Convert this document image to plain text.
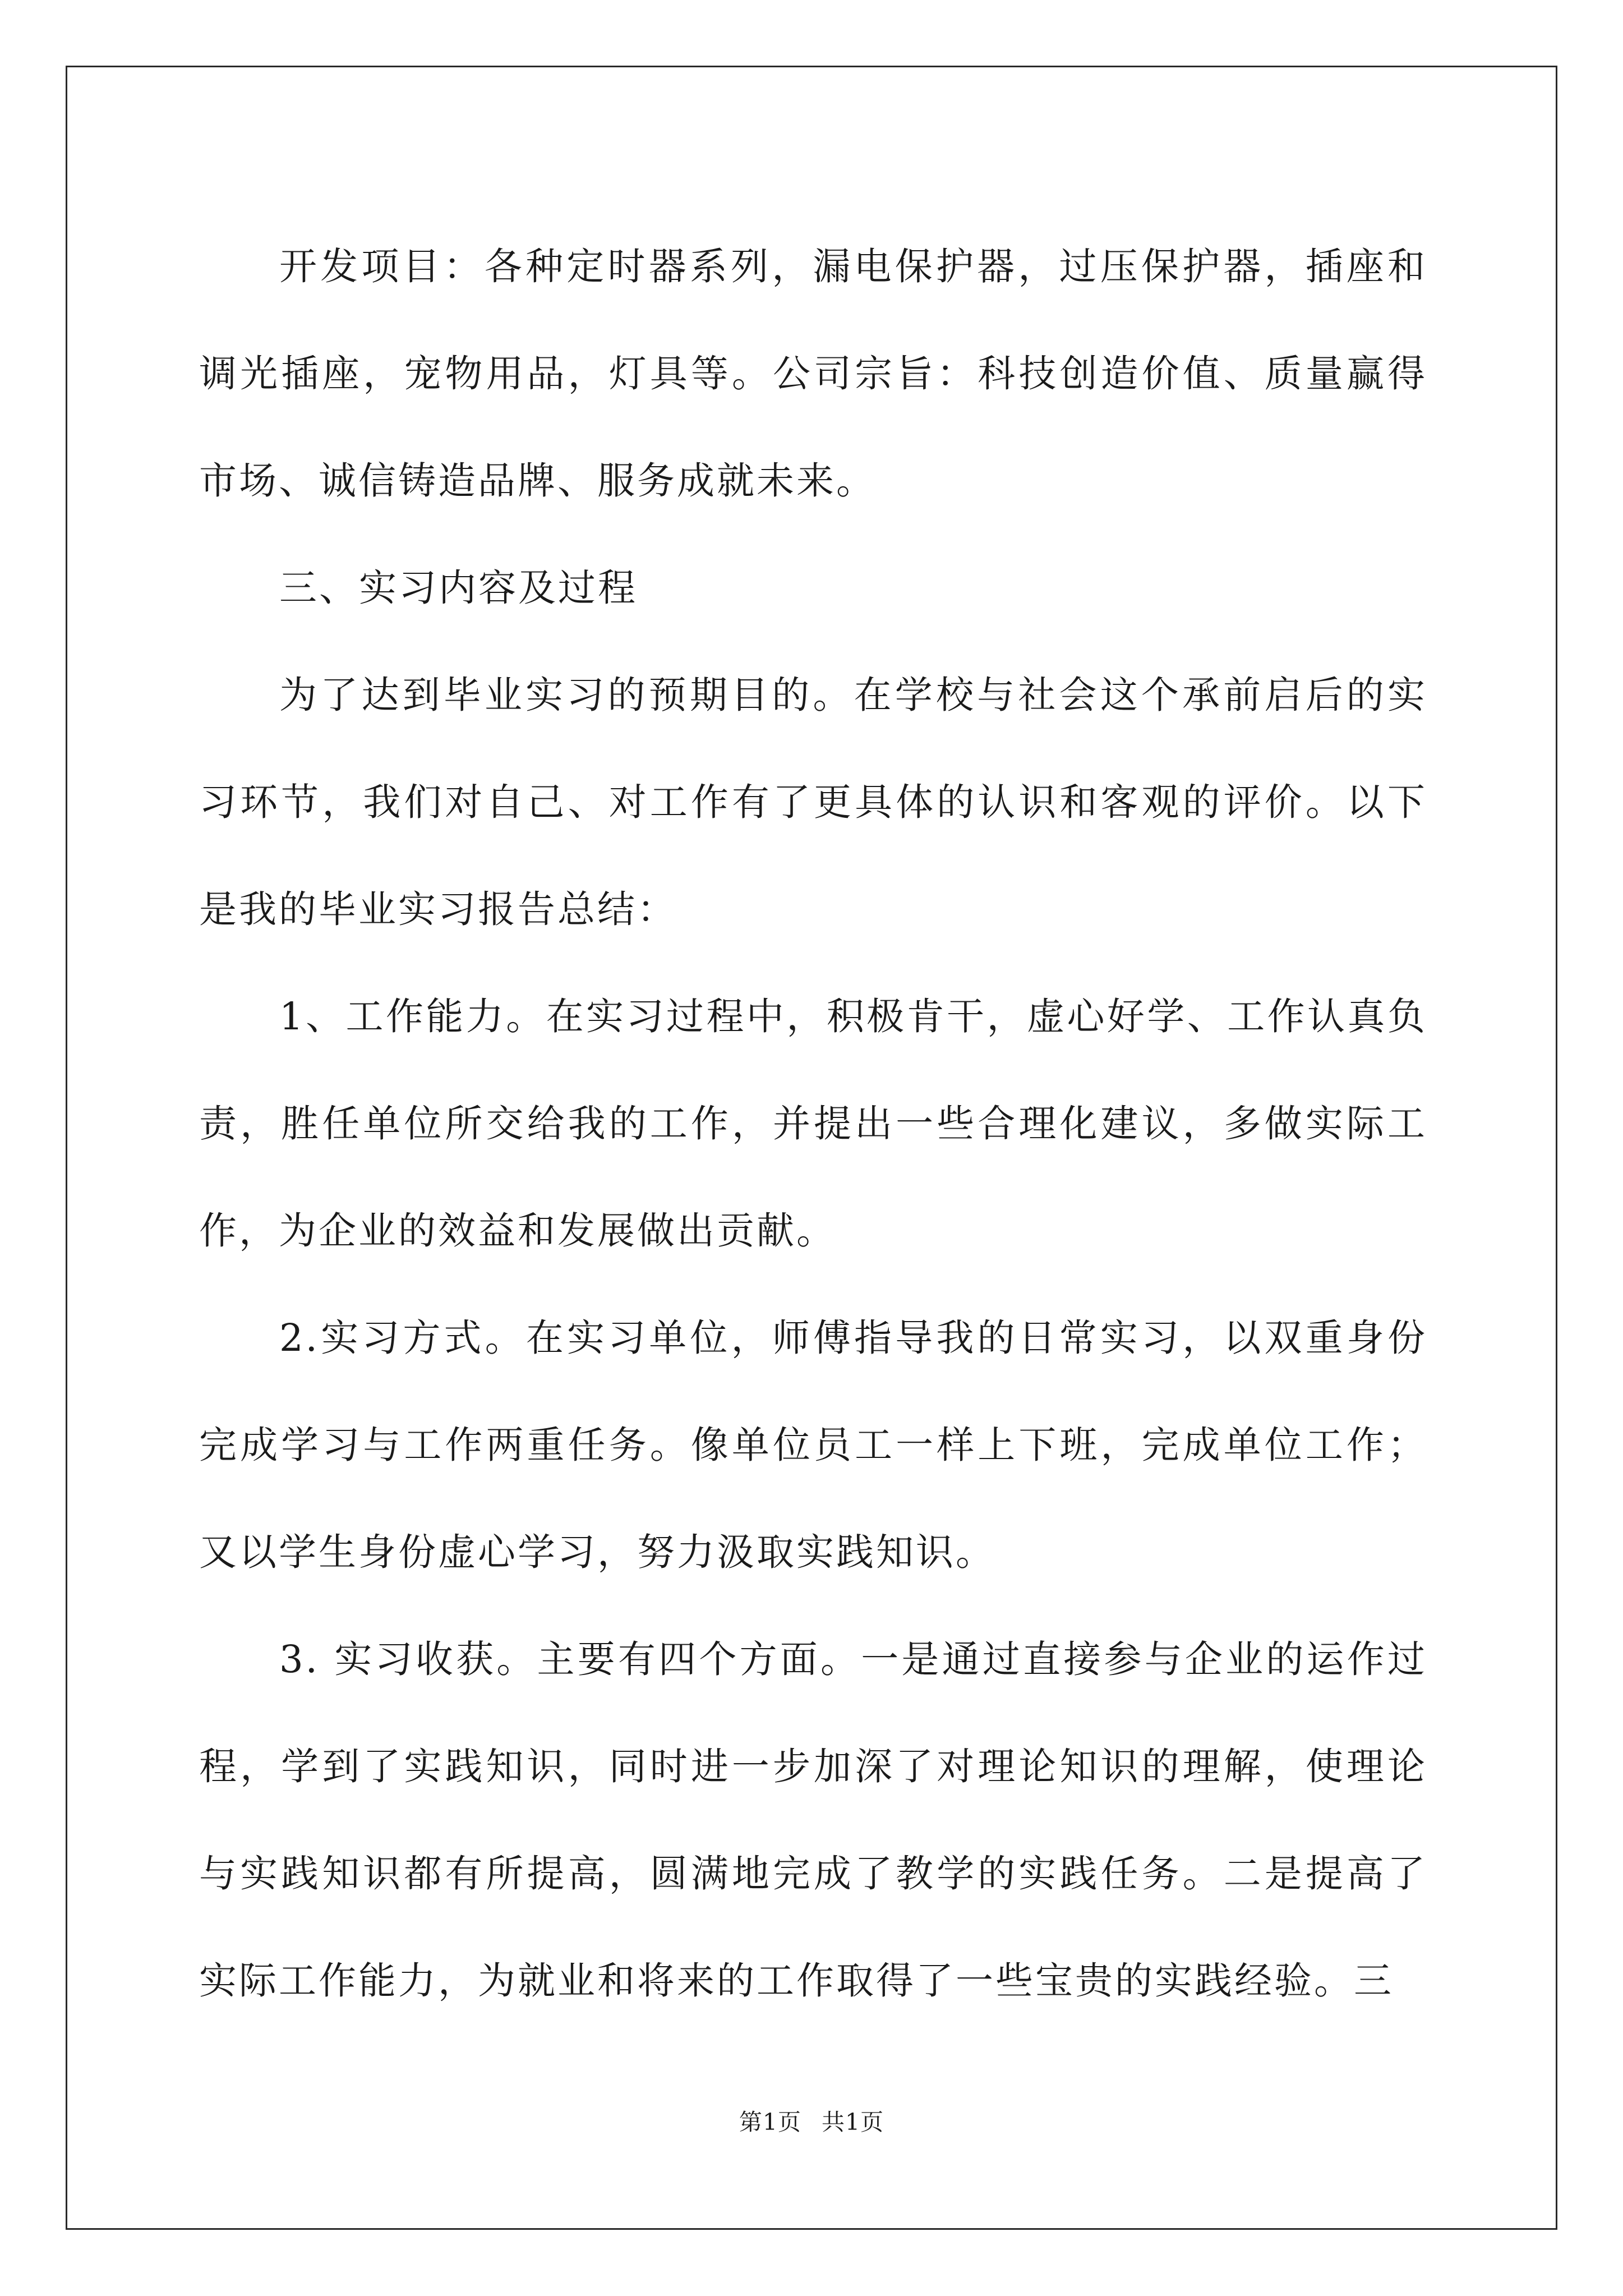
开发项目：各种定时器系列，漏电保护器，过压保护器，插座和调光插座，宠物用品，灯具等。公司宗旨：科技创造价值、质量赢得市场、诚信铸造品牌、服务成就未来。

三、实习内容及过程

为了达到毕业实习的预期目的。在学校与社会这个承前启后的实习环节，我们对自己、对工作有了更具体的认识和客观的评价。以下是我的毕业实习报告总结：

1、工作能力。在实习过程中，积极肯干，虚心好学、工作认真负责，胜任单位所交给我的工作，并提出一些合理化建议，多做实际工作，为企业的效益和发展做出贡献。

2.实习方式。在实习单位，师傅指导我的日常实习，以双重身份完成学习与工作两重任务。像单位员工一样上下班，完成单位工作；又以学生身份虚心学习，努力汲取实践知识。

3. 实习收获。主要有四个方面。一是通过直接参与企业的运作过程，学到了实践知识，同时进一步加深了对理论知识的理解，使理论与实践知识都有所提高，圆满地完成了教学的实践任务。二是提高了实际工作能力，为就业和将来的工作取得了一些宝贵的实践经验。三

第1页 共1页
